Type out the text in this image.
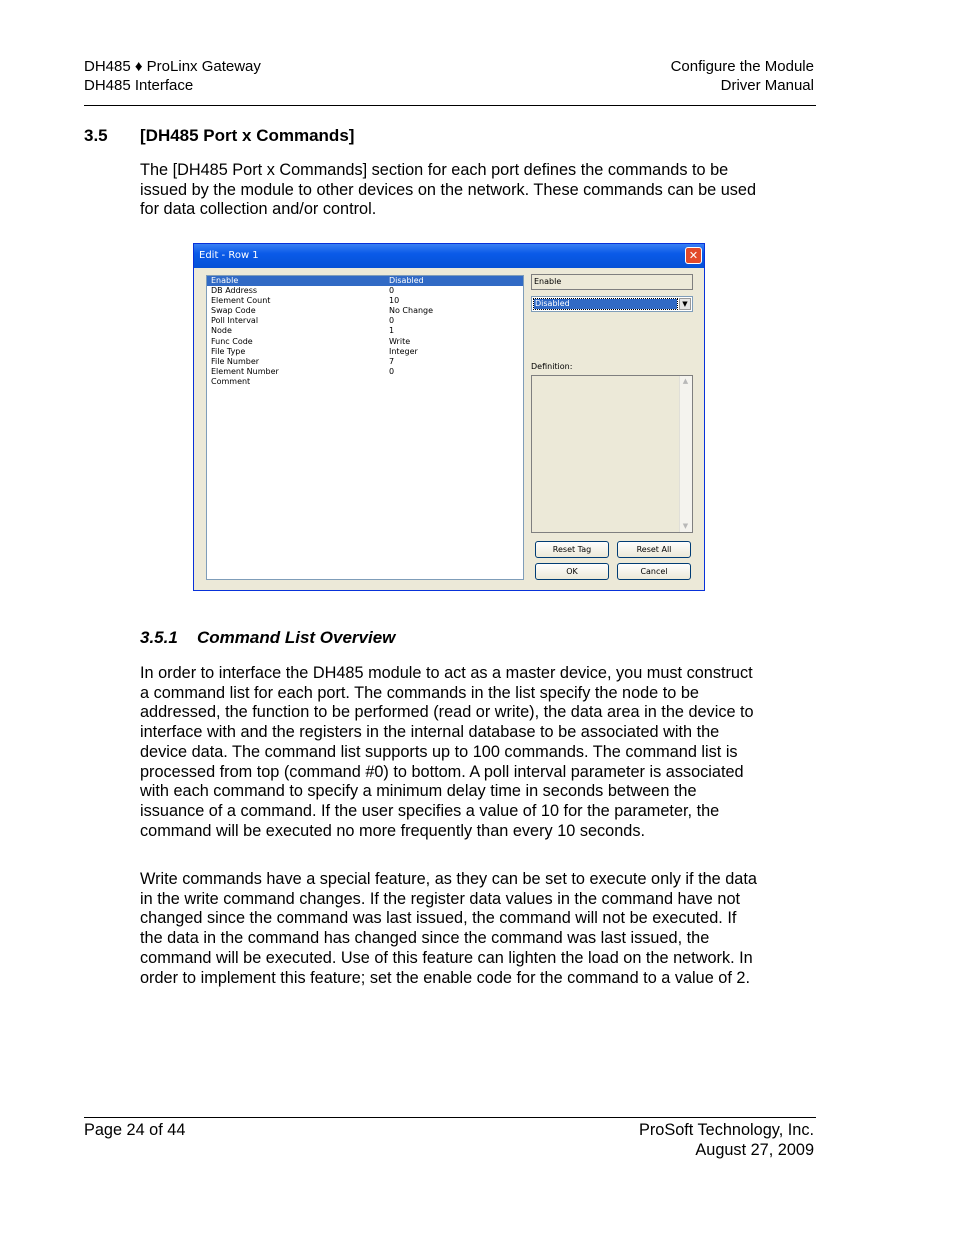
DH485 ♦ ProLinx Gateway
DH485 Interface
Configure the Module
Driver Manual
3.5 [DH485 Port x Commands]

The [DH485 Port x Commands] section for each port defines the commands to be issued by the module to other devices on the network. These commands can be used for data collection and/or control.

Edit - Row 1	✕
Enable	Disabled
DB Address	0
Element Count	10
Swap Code	No Change
Poll Interval	0
Node	1
Func Code	Write
File Type	Integer
File Number	7
Element Number	0
Comment
Enable
Disabled	▼
Definition:
▲
▼
Reset Tag	Reset All
OK	Cancel
3.5.1 Command List Overview

In order to interface the DH485 module to act as a master device, you must construct a command list for each port. The commands in the list specify the node to be addressed, the function to be performed (read or write), the data area in the device to interface with and the registers in the internal database to be associated with the device data. The command list supports up to 100 commands. The command list is processed from top (command #0) to bottom. A poll interval parameter is associated with each command to specify a minimum delay time in seconds between the issuance of a command. If the user specifies a value of 10 for the parameter, the command will be executed no more frequently than every 10 seconds.

Write commands have a special feature, as they can be set to execute only if the data in the write command changes. If the register data values in the command have not changed since the command was last issued, the command will not be executed. If the data in the command has changed since the command was last issued, the command will be executed. Use of this feature can lighten the load on the network. In order to implement this feature; set the enable code for the command to a value of 2.

Page 24 of 44	ProSoft Technology, Inc.
August 27, 2009
